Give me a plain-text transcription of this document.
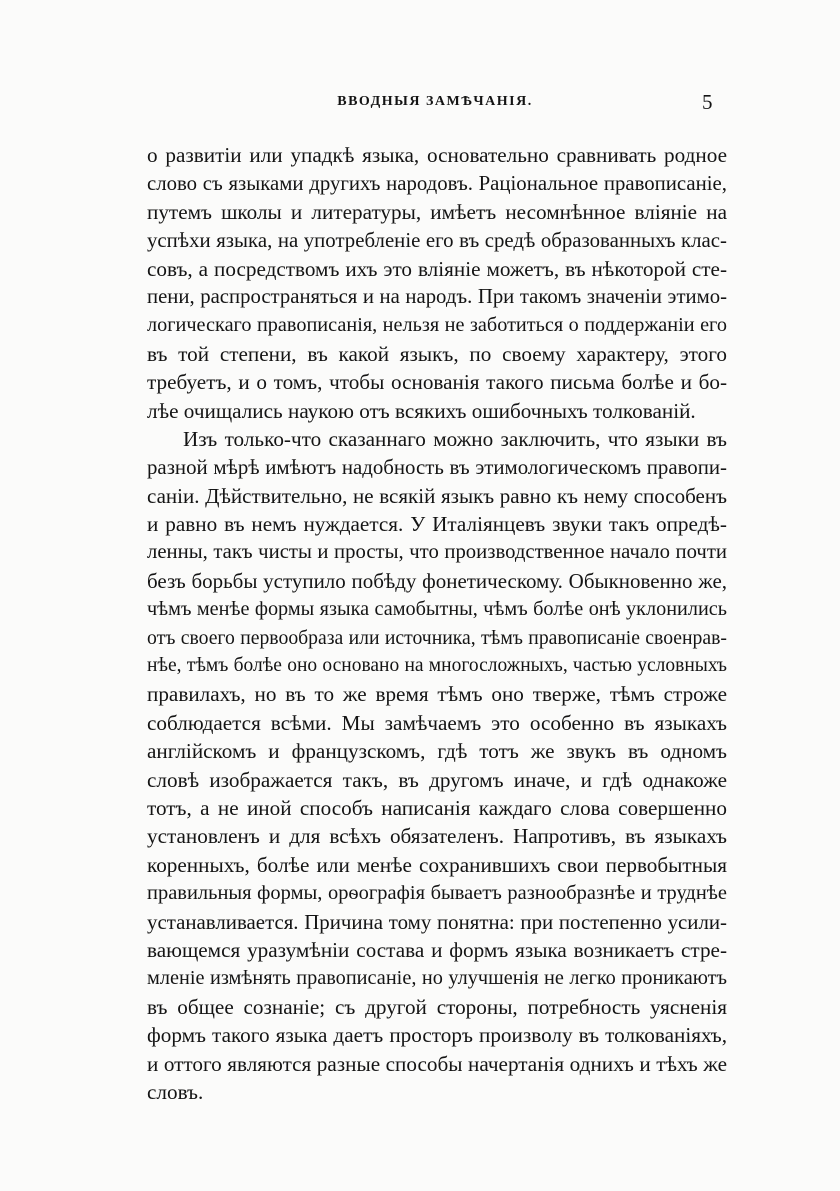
ВВОДНЫЯ ЗАМѢЧАНІЯ.	5
о развитіи или упадкѣ языка, основательно сравнивать родное
слово съ языками другихъ народовъ. Раціональное правописаніе,
путемъ школы и литературы, имѣетъ несомнѣнное вліяніе на
успѣхи языка, на употребленіе его въ средѣ образованныхъ клас-
совъ, а посредствомъ ихъ это вліяніе можетъ, въ нѣкоторой сте-
пени, распространяться и на народъ. При такомъ значеніи этимо-
логическаго правописанія, нельзя не заботиться о поддержаніи его
въ той степени, въ какой языкъ, по своему характеру, этого
требуетъ, и о томъ, чтобы основанія такого письма болѣе и бо-
лѣе очищались наукою отъ всякихъ ошибочныхъ толкованій.
Изъ только-что сказаннаго можно заключить, что языки въ
разной мѣрѣ имѣютъ надобность въ этимологическомъ правопи-
саніи. Дѣйствительно, не всякій языкъ равно къ нему способенъ
и равно въ немъ нуждается. У Италіянцевъ звуки такъ опредѣ-
ленны, такъ чисты и просты, что производственное начало почти
безъ борьбы уступило побѣду фонетическому. Обыкновенно же,
чѣмъ менѣе формы языка самобытны, чѣмъ болѣе онѣ уклонились
отъ своего первообраза или источника, тѣмъ правописаніе своенрав-
нѣе, тѣмъ болѣе оно основано на многосложныхъ, частью условныхъ
правилахъ, но въ то же время тѣмъ оно тверже, тѣмъ строже
соблюдается всѣми. Мы замѣчаемъ это особенно въ языкахъ
англійскомъ и французскомъ, гдѣ тотъ же звукъ въ одномъ
словѣ изображается такъ, въ другомъ иначе, и гдѣ однакоже
тотъ, а не иной способъ написанія каждаго слова совершенно
установленъ и для всѣхъ обязателенъ. Напротивъ, въ языкахъ
коренныхъ, болѣе или менѣе сохранившихъ свои первобытныя
правильныя формы, орѳографія бываетъ разнообразнѣе и труднѣе
устанавливается. Причина тому понятна: при постепенно усили-
вающемся уразумѣніи состава и формъ языка возникаетъ стре-
мленіе измѣнять правописаніе, но улучшенія не легко проникаютъ
въ общее сознаніе; съ другой стороны, потребность уясненія
формъ такого языка даетъ просторъ произволу въ толкованіяхъ,
и оттого являются разные способы начертанія однихъ и тѣхъ же
словъ.
